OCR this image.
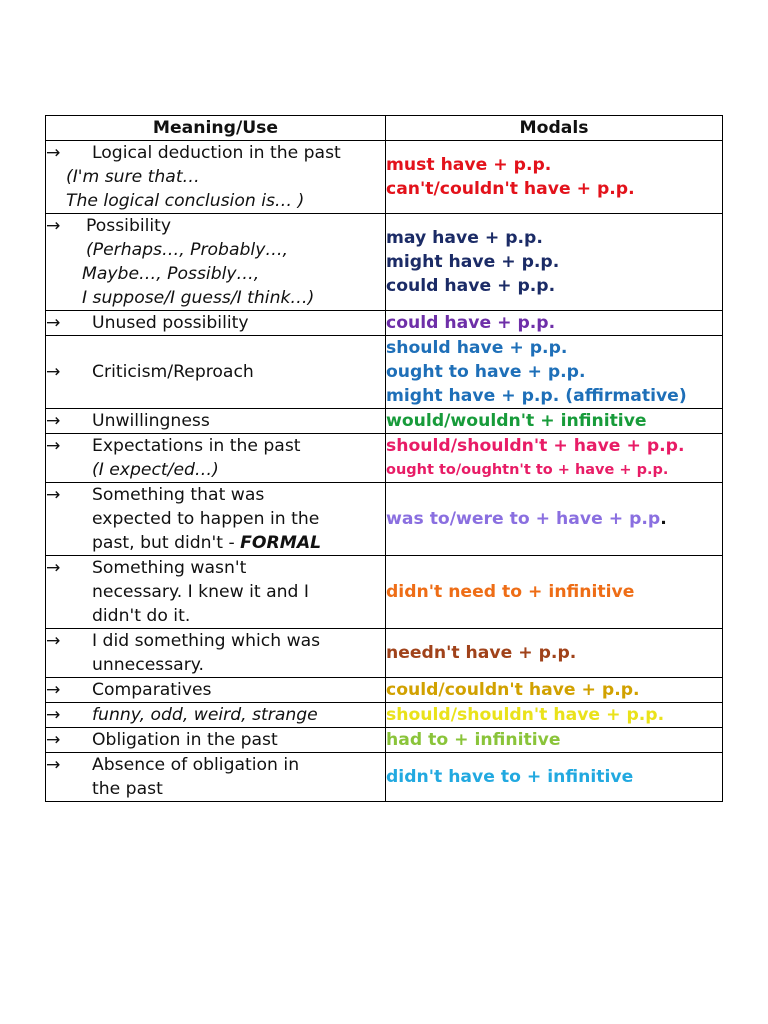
Meaning/Use	Modals

→ Logical deduction in the past
(I'm sure that…
The logical conclusion is… )	must have + p.p.
can't/couldn't have + p.p.

→ Possibility
(Perhaps…, Probably…,
Maybe…, Possibly…,
I suppose/I guess/I think…)	may have + p.p.
might have + p.p.
could have + p.p.

→ Unused possibility	could have + p.p.

→ Criticism/Reproach	should have + p.p.
ought to have + p.p.
might have + p.p. (affirmative)

→ Unwillingness	would/wouldn't + infinitive

→ Expectations in the past
(I expect/ed…)	should/shouldn't + have + p.p.
ought to/oughtn't to + have + p.p.

→ Something that was
expected to happen in the
past, but didn't - FORMAL	was to/were to + have + p.p.

→ Something wasn't
necessary. I knew it and I
didn't do it.	didn't need to + infinitive

→ I did something which was
unnecessary.	needn't have + p.p.

→ Comparatives	could/couldn't have + p.p.

→ funny, odd, weird, strange	should/shouldn't have + p.p.

→ Obligation in the past	had to + infinitive

→ Absence of obligation in
the past	didn't have to + infinitive
